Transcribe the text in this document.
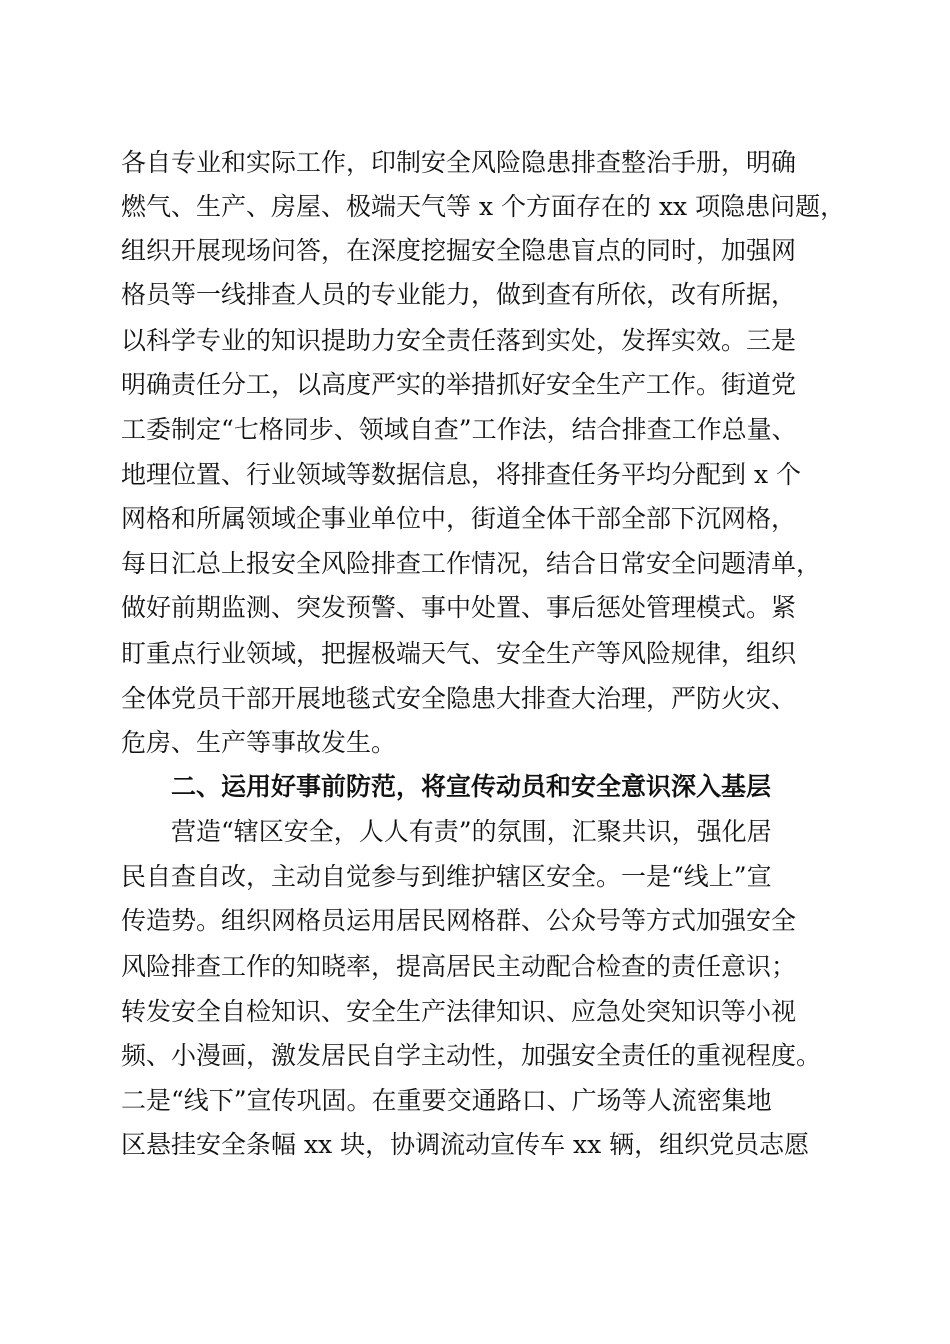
各自专业和实际工作，印制安全风险隐患排查整治手册，明确
燃气、生产、房屋、极端天气等 x 个方面存在的 xx 项隐患问题，
组织开展现场问答，在深度挖掘安全隐患盲点的同时，加强网
格员等一线排查人员的专业能力，做到查有所依，改有所据，
以科学专业的知识提助力安全责任落到实处，发挥实效。三是
明确责任分工，以高度严实的举措抓好安全生产工作。街道党
工委制定“七格同步、领域自查”工作法，结合排查工作总量、
地理位置、行业领域等数据信息，将排查任务平均分配到 x 个
网格和所属领域企事业单位中，街道全体干部全部下沉网格，
每日汇总上报安全风险排查工作情况，结合日常安全问题清单，
做好前期监测、突发预警、事中处置、事后惩处管理模式。紧
盯重点行业领域，把握极端天气、安全生产等风险规律，组织
全体党员干部开展地毯式安全隐患大排查大治理，严防火灾、
危房、生产等事故发生。
二、运用好事前防范，将宣传动员和安全意识深入基层
营造“辖区安全，人人有责”的氛围，汇聚共识，强化居
民自查自改，主动自觉参与到维护辖区安全。一是“线上”宣
传造势。组织网格员运用居民网格群、公众号等方式加强安全
风险排查工作的知晓率，提高居民主动配合检查的责任意识；
转发安全自检知识、安全生产法律知识、应急处突知识等小视
频、小漫画，激发居民自学主动性，加强安全责任的重视程度。
二是“线下”宣传巩固。在重要交通路口、广场等人流密集地
区悬挂安全条幅 xx 块，协调流动宣传车 xx 辆，组织党员志愿
